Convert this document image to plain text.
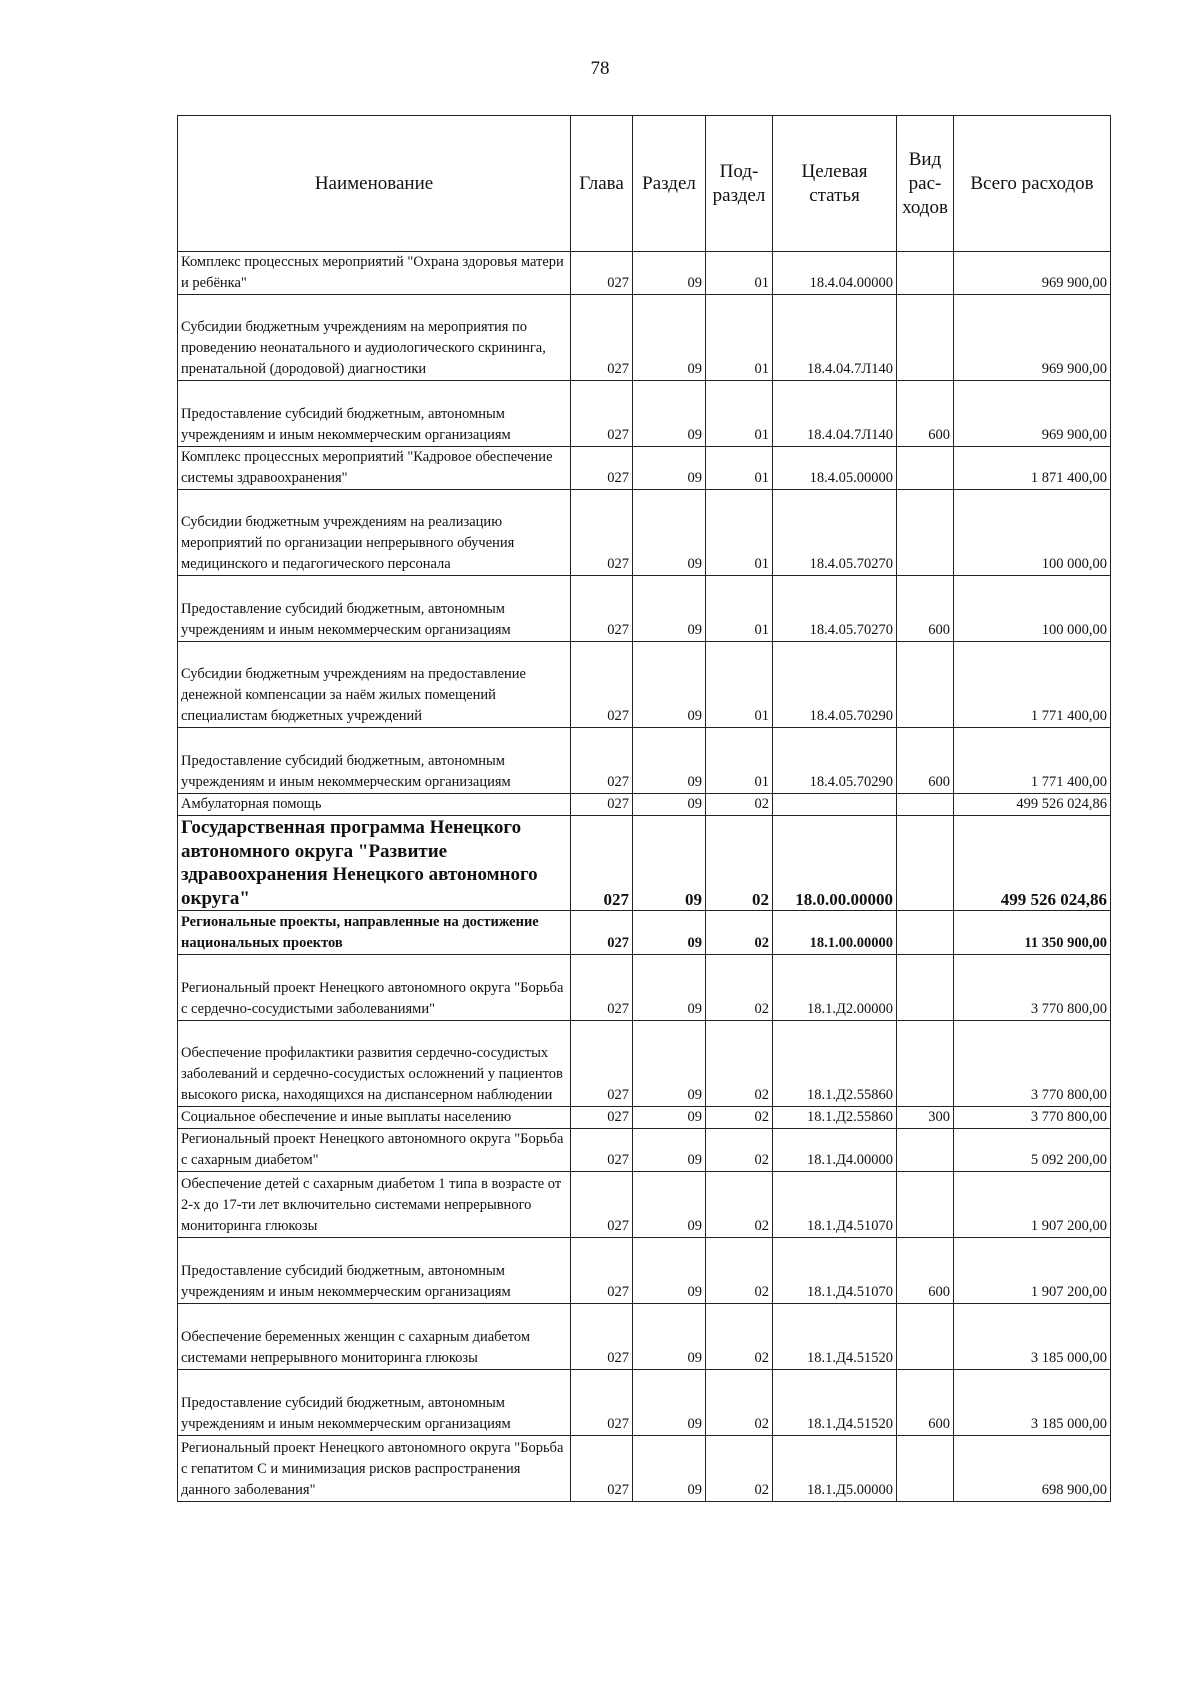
78
Наименование	Глава	Раздел	Под-раздел	Целевая статья	Вид рас-ходов	Всего расходов
Комплекс процессных мероприятий "Охрана здоровья матери и ребёнка"	027	09	01	18.4.04.00000		969 900,00
Субсидии бюджетным учреждениям на мероприятия по проведению неонатального и аудиологического скрининга, пренатальной (дородовой) диагностики	027	09	01	18.4.04.7Л140		969 900,00
Предоставление субсидий бюджетным, автономным учреждениям и иным некоммерческим организациям	027	09	01	18.4.04.7Л140	600	969 900,00
Комплекс процессных мероприятий "Кадровое обеспечение системы здравоохранения"	027	09	01	18.4.05.00000		1 871 400,00
Субсидии бюджетным учреждениям на реализацию мероприятий по организации непрерывного обучения медицинского и педагогического персонала	027	09	01	18.4.05.70270		100 000,00
Предоставление субсидий бюджетным, автономным учреждениям и иным некоммерческим организациям	027	09	01	18.4.05.70270	600	100 000,00
Субсидии бюджетным учреждениям на предоставление денежной компенсации за наём жилых помещений специалистам бюджетных учреждений	027	09	01	18.4.05.70290		1 771 400,00
Предоставление субсидий бюджетным, автономным учреждениям и иным некоммерческим организациям	027	09	01	18.4.05.70290	600	1 771 400,00
Амбулаторная помощь	027	09	02			499 526 024,86
Государственная программа Ненецкого автономного округа "Развитие здравоохранения Ненецкого автономного округа"	027	09	02	18.0.00.00000		499 526 024,86
Региональные проекты, направленные на достижение национальных проектов	027	09	02	18.1.00.00000		11 350 900,00
Региональный проект Ненецкого автономного округа "Борьба с сердечно-сосудистыми заболеваниями"	027	09	02	18.1.Д2.00000		3 770 800,00
Обеспечение профилактики развития сердечно-сосудистых заболеваний и сердечно-сосудистых осложнений у пациентов высокого риска, находящихся на диспансерном наблюдении	027	09	02	18.1.Д2.55860		3 770 800,00
Социальное обеспечение и иные выплаты населению	027	09	02	18.1.Д2.55860	300	3 770 800,00
Региональный проект Ненецкого автономного округа "Борьба с сахарным диабетом"	027	09	02	18.1.Д4.00000		5 092 200,00
Обеспечение детей с сахарным диабетом 1 типа в возрасте от 2-х до 17-ти лет включительно системами непрерывного мониторинга глюкозы	027	09	02	18.1.Д4.51070		1 907 200,00
Предоставление субсидий бюджетным, автономным учреждениям и иным некоммерческим организациям	027	09	02	18.1.Д4.51070	600	1 907 200,00
Обеспечение беременных женщин с сахарным диабетом системами непрерывного мониторинга глюкозы	027	09	02	18.1.Д4.51520		3 185 000,00
Предоставление субсидий бюджетным, автономным учреждениям и иным некоммерческим организациям	027	09	02	18.1.Д4.51520	600	3 185 000,00
Региональный проект Ненецкого автономного округа "Борьба с гепатитом С и минимизация рисков распространения данного заболевания"	027	09	02	18.1.Д5.00000		698 900,00
